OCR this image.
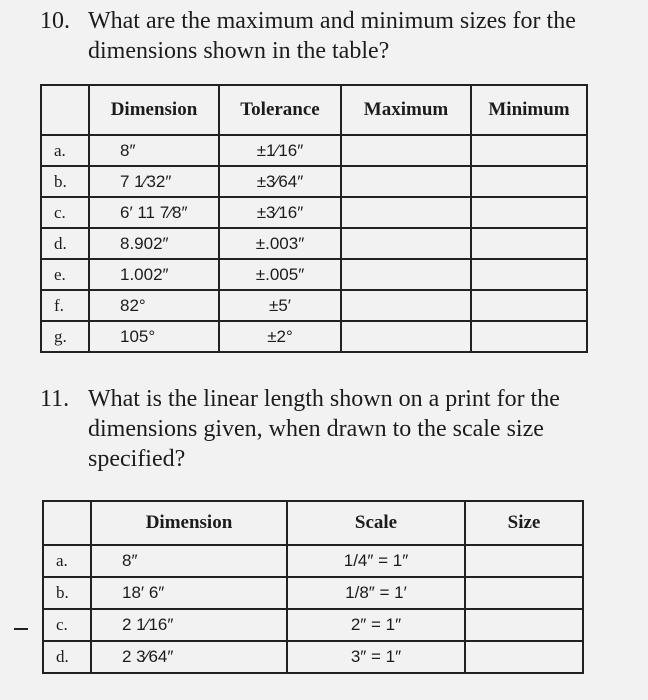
10. What are the maximum and minimum sizes for the dimensions shown in the table?
	Dimension	Tolerance	Maximum	Minimum
a.	8″	±1⁄16″		
b.	7 1⁄32″	±3⁄64″		
c.	6′ 11 7⁄8″	±3⁄16″		
d.	8.902″	±.003″		
e.	1.002″	±.005″		
f.	82°	±5′		
g.	105°	±2°		
11. What is the linear length shown on a print for the dimensions given, when drawn to the scale size specified?
	Dimension	Scale	Size
a.	8″	1/4″ = 1″	
b.	18′ 6″	1/8″ = 1′	
c.	2 1⁄16″	2″ = 1″	
d.	2 3⁄64″	3″ = 1″	
